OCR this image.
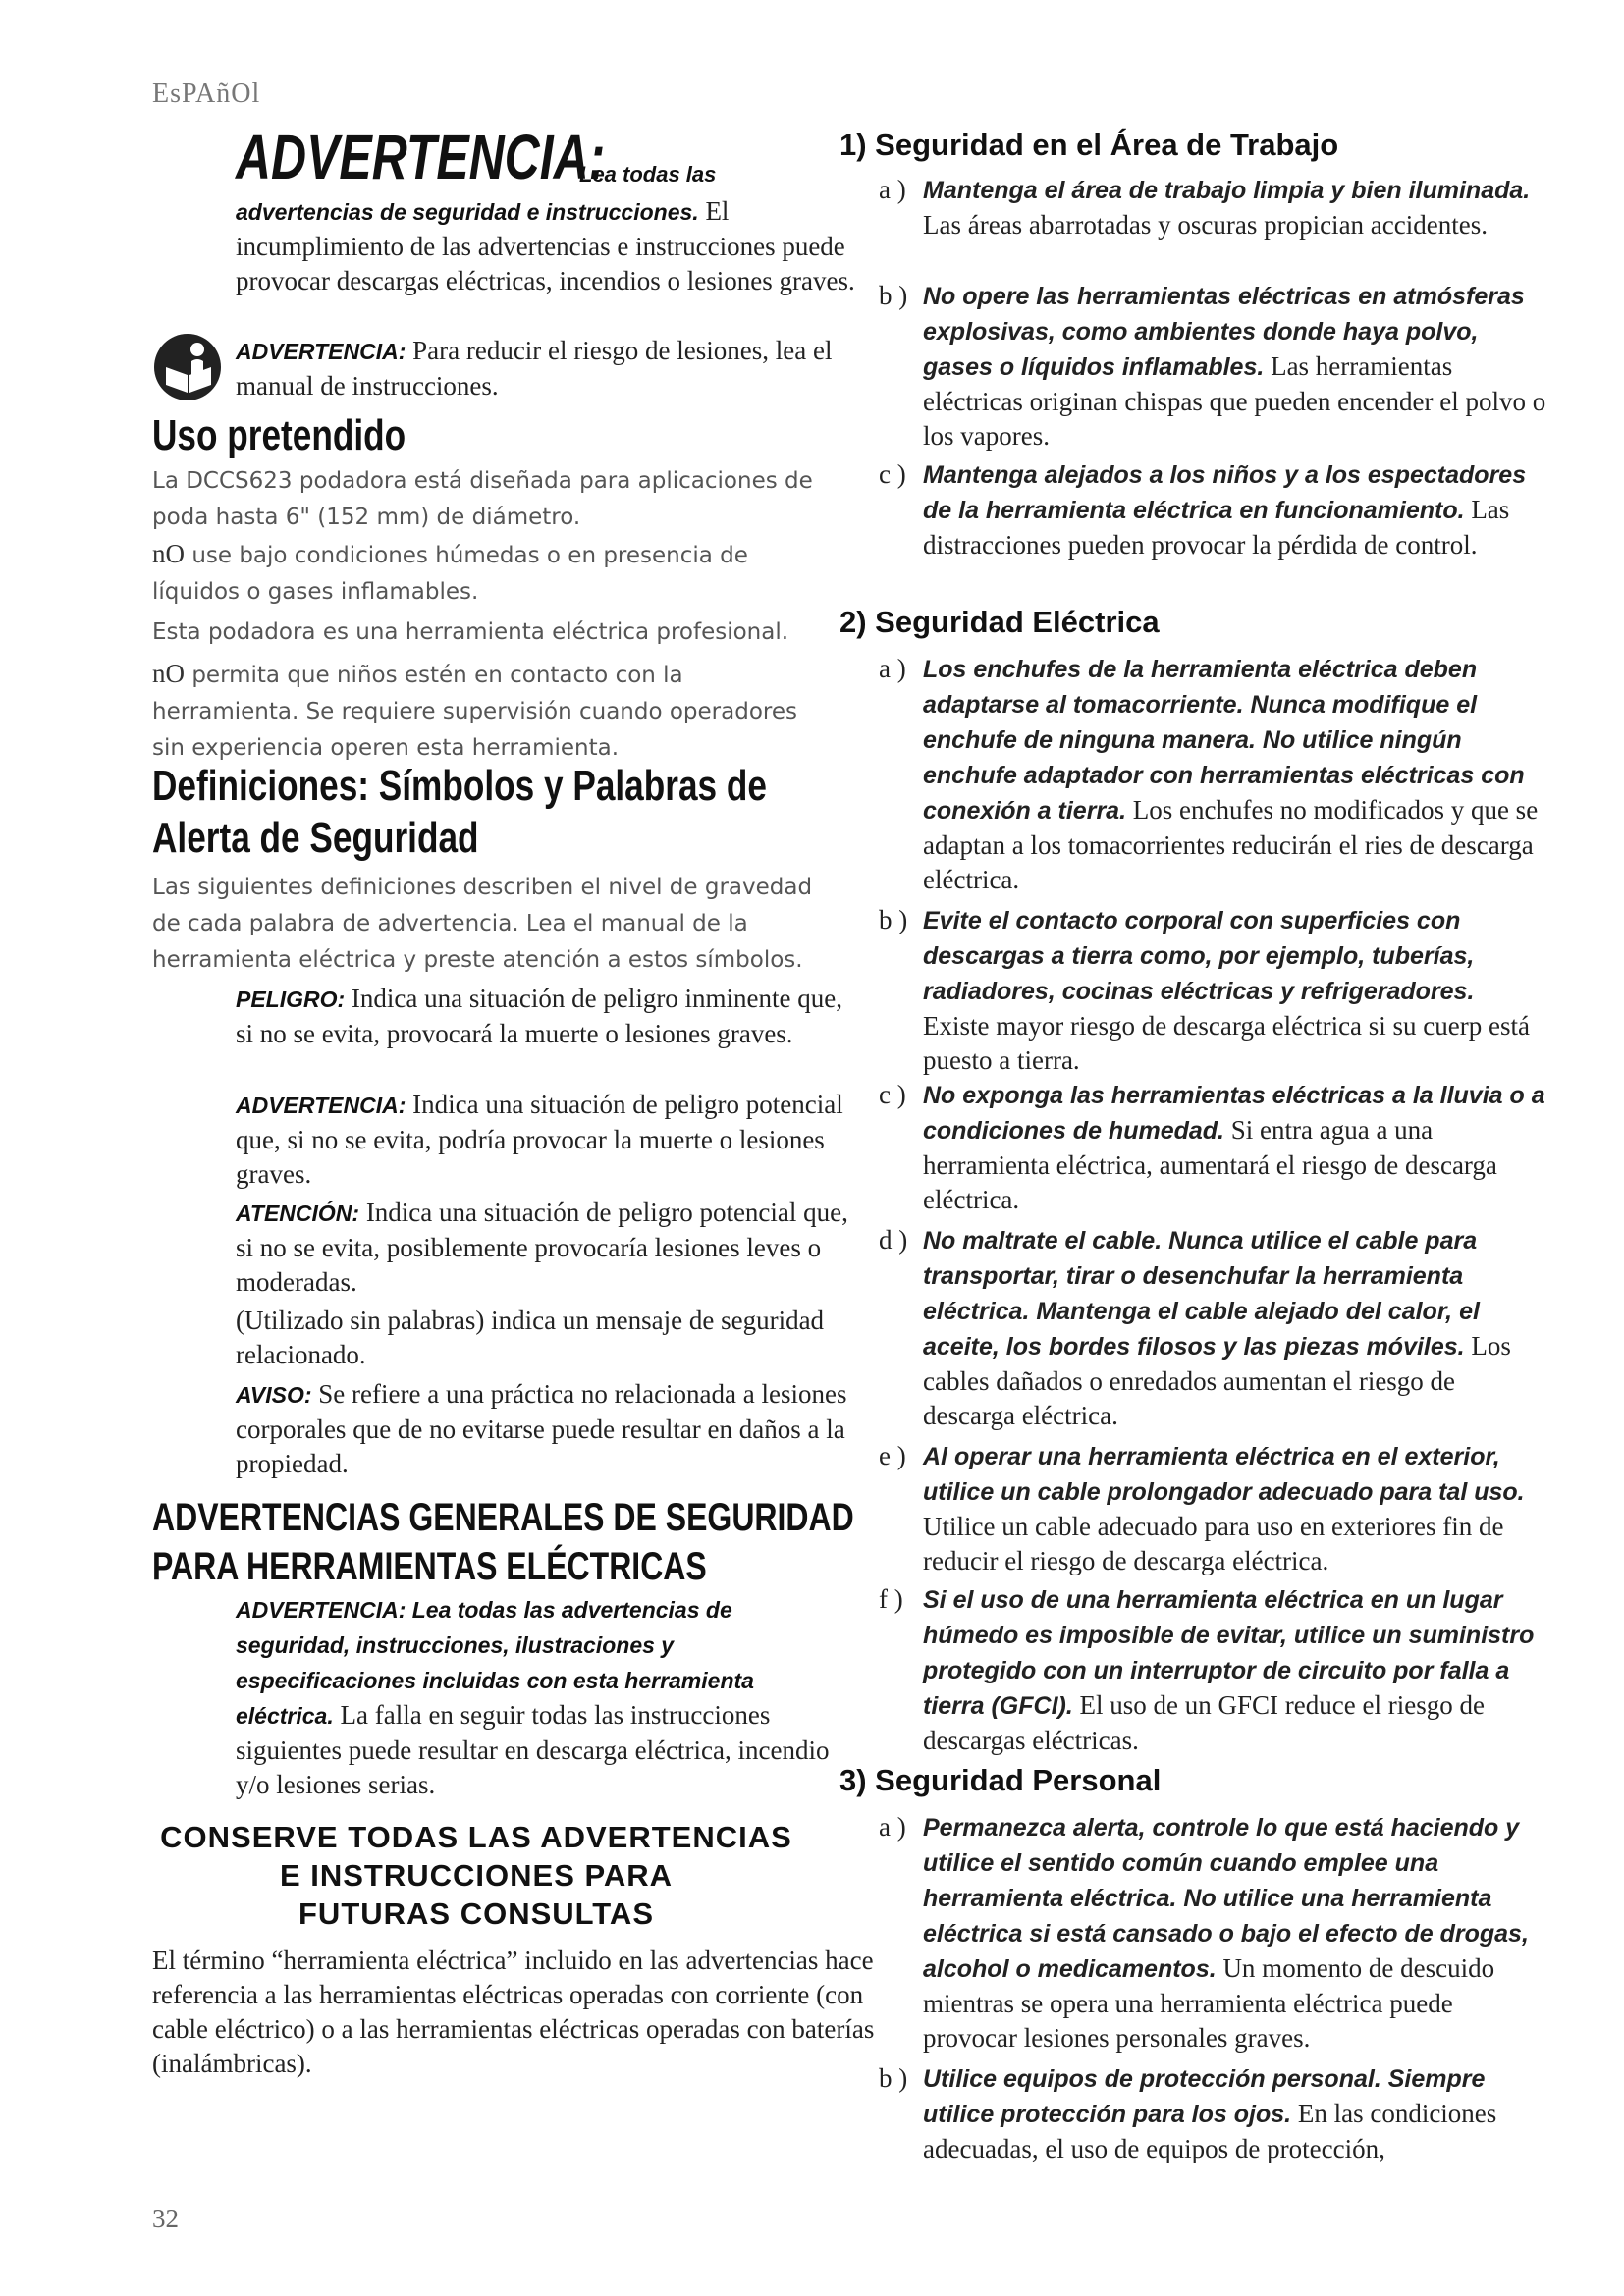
EsPAñOl
ADVERTENCIA:
Lea todas las
advertencias de seguridad e instrucciones. El incumplimiento de las advertencias e instrucciones puede provocar descargas eléctricas, incendios o lesiones graves.
ADVERTENCIA: Para reducir el riesgo de lesiones, lea el manual de instrucciones.
Uso pretendido
La DCCS623 podadora está diseñada para aplicaciones de poda hasta 6" (152 mm) de diámetro.
nO use bajo condiciones húmedas o en presencia de líquidos o gases inflamables.
Esta podadora es una herramienta eléctrica profesional.
nO permita que niños estén en contacto con la herramienta. Se requiere supervisión cuando operadores sin experiencia operen esta herramienta.
Definiciones: Símbolos y Palabras de
Alerta de Seguridad
Las siguientes definiciones describen el nivel de gravedad de cada palabra de advertencia. Lea el manual de la herramienta eléctrica y preste atención a estos símbolos.
PELIGRO: Indica una situación de peligro inminente que, si no se evita, provocará la muerte o lesiones graves.
ADVERTENCIA: Indica una situación de peligro potencial que, si no se evita, podría provocar la muerte o lesiones graves.
ATENCIÓN: Indica una situación de peligro potencial que, si no se evita, posiblemente provocaría lesiones leves o moderadas.
(Utilizado sin palabras) indica un mensaje de seguridad relacionado.
AVISO: Se refiere a una práctica no relacionada a lesiones corporales que de no evitarse puede resultar en daños a la propiedad.
ADVERTENCIAS GENERALES DE SEGURIDAD
PARA HERRAMIENTAS ELÉCTRICAS
ADVERTENCIA: Lea todas las advertencias de seguridad, instrucciones, ilustraciones y especificaciones incluidas con esta herramienta eléctrica. La falla en seguir todas las instrucciones siguientes puede resultar en descarga eléctrica, incendio y/o lesiones serias.
CONSERVE TODAS LAS ADVERTENCIAS
E INSTRUCCIONES PARA
FUTURAS CONSULTAS
El término “herramienta eléctrica” incluido en las advertencias hace referencia a las herramientas eléctricas operadas con corriente (con cable eléctrico) o a las herramientas eléctricas operadas con baterías (inalámbricas).
1) Seguridad en el Área de Trabajo
a ) Mantenga el área de trabajo limpia y bien iluminada. Las áreas abarrotadas y oscuras propician accidentes.
b ) No opere las herramientas eléctricas en atmósferas explosivas, como ambientes donde haya polvo, gases o líquidos inflamables. Las herramientas eléctricas originan chispas que pueden encender el polvo o los vapores.
c ) Mantenga alejados a los niños y a los espectadores de la herramienta eléctrica en funcionamiento. Las distracciones pueden provocar la pérdida de control.
2) Seguridad Eléctrica
a ) Los enchufes de la herramienta eléctrica deben adaptarse al tomacorriente. Nunca modifique el enchufe de ninguna manera. No utilice ningún enchufe adaptador con herramientas eléctricas con conexión a tierra. Los enchufes no modificados y que se adaptan a los tomacorrientes reducirán el ries de descarga eléctrica.
b ) Evite el contacto corporal con superficies con descargas a tierra como, por ejemplo, tuberías, radiadores, cocinas eléctricas y refrigeradores. Existe mayor riesgo de descarga eléctrica si su cuerp está puesto a tierra.
c ) No exponga las herramientas eléctricas a la lluvia o a condiciones de humedad. Si entra agua a una herramienta eléctrica, aumentará el riesgo de descarga eléctrica.
d ) No maltrate el cable. Nunca utilice el cable para transportar, tirar o desenchufar la herramienta eléctrica. Mantenga el cable alejado del calor, el aceite, los bordes filosos y las piezas móviles. Los cables dañados o enredados aumentan el riesgo de descarga eléctrica.
e ) Al operar una herramienta eléctrica en el exterior, utilice un cable prolongador adecuado para tal uso. Utilice un cable adecuado para uso en exteriores fin de reducir el riesgo de descarga eléctrica.
f ) Si el uso de una herramienta eléctrica en un lugar húmedo es imposible de evitar, utilice un suministro protegido con un interruptor de circuito por falla a tierra (GFCI). El uso de un GFCI reduce el riesgo de descargas eléctricas.
3) Seguridad Personal
a ) Permanezca alerta, controle lo que está haciendo y utilice el sentido común cuando emplee una herramienta eléctrica. No utilice una herramienta eléctrica si está cansado o bajo el efecto de drogas, alcohol o medicamentos. Un momento de descuido mientras se opera una herramienta eléctrica puede provocar lesiones personales graves.
b ) Utilice equipos de protección personal. Siempre utilice protección para los ojos. En las condiciones adecuadas, el uso de equipos de protección,
32
